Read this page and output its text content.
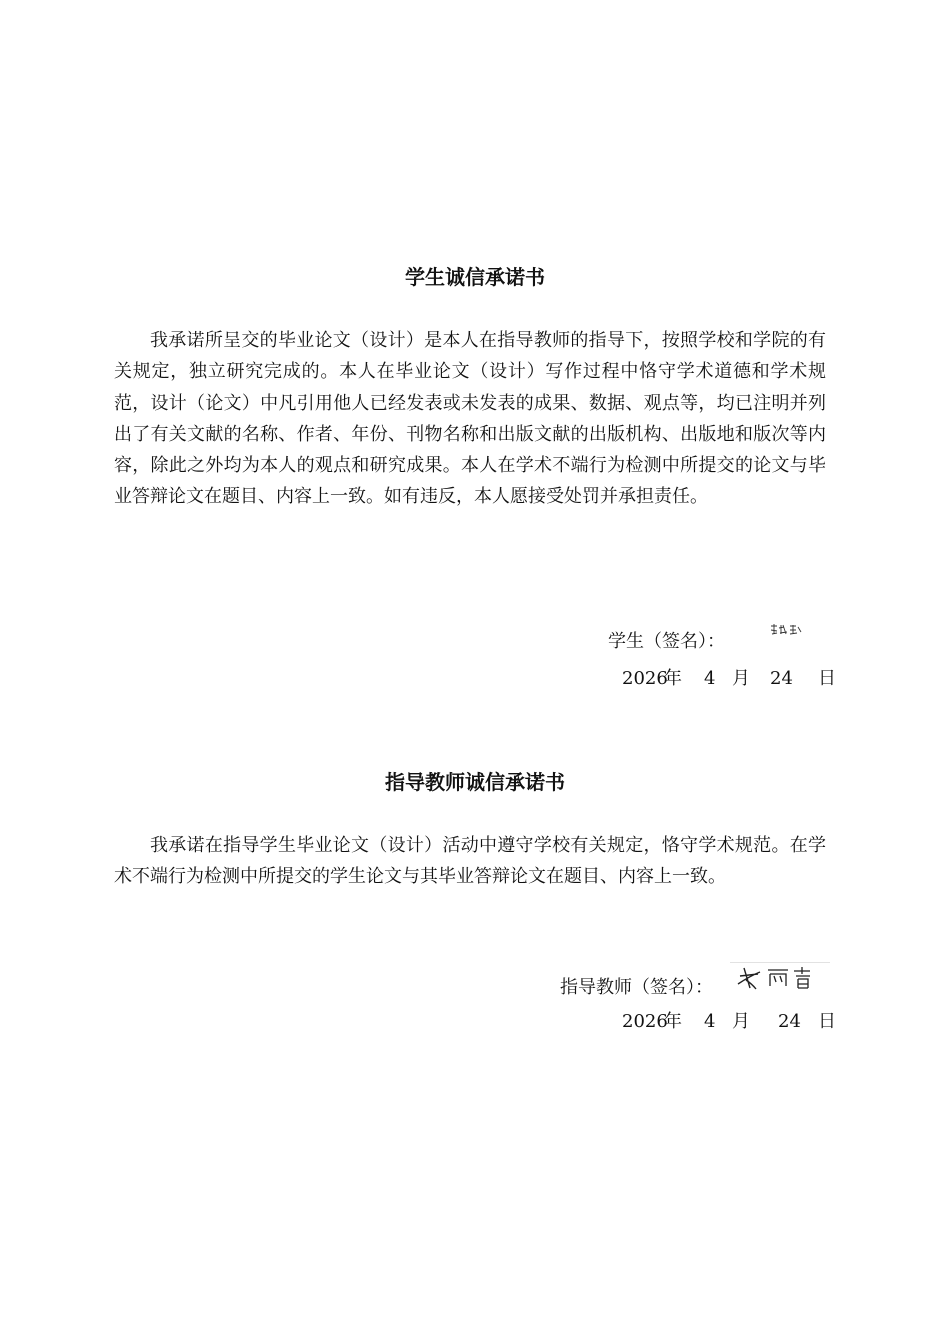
学生诚信承诺书

我承诺所呈交的毕业论文（设计）是本人在指导教师的指导下，按照学校和学院的有关规定，独立研究完成的。本人在毕业论文（设计）写作过程中恪守学术道德和学术规范，设计（论文）中凡引用他人已经发表或未发表的成果、数据、观点等，均已注明并列出了有关文献的名称、作者、年份、刊物名称和出版文献的出版机构、出版地和版次等内容，除此之外均为本人的观点和研究成果。本人在学术不端行为检测中所提交的论文与毕业答辩论文在题目、内容上一致。如有违反，本人愿接受处罚并承担责任。

学生（签名）：
2026
年 4 月 24 日
指导教师诚信承诺书

我承诺在指导学生毕业论文（设计）活动中遵守学校有关规定，恪守学术规范。在学术不端行为检测中所提交的学生论文与其毕业答辩论文在题目、内容上一致。

指导教师（签名）：
2026
年 4 月 24 日
